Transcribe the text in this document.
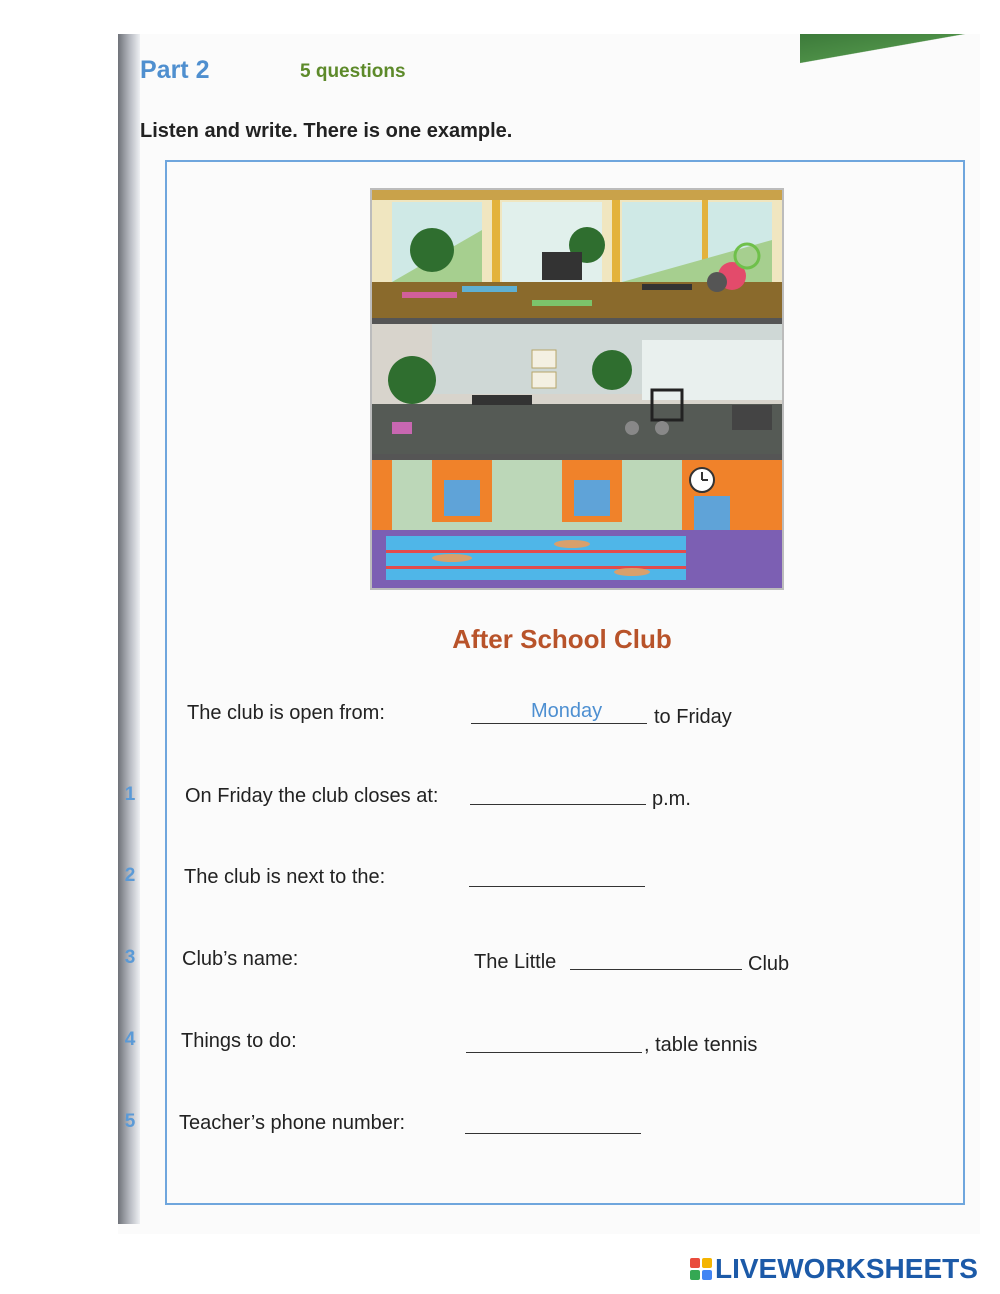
Part 2	5 questions
Listen and write. There is one example.
After School Club
The club is open from:	Monday	to Friday
1	On Friday the club closes at:	p.m.
2	The club is next to the:
3	Club’s name:	The Little	Club
4	Things to do:	, table tennis
5	Teacher’s phone number:
LIVEWORKSHEETS
